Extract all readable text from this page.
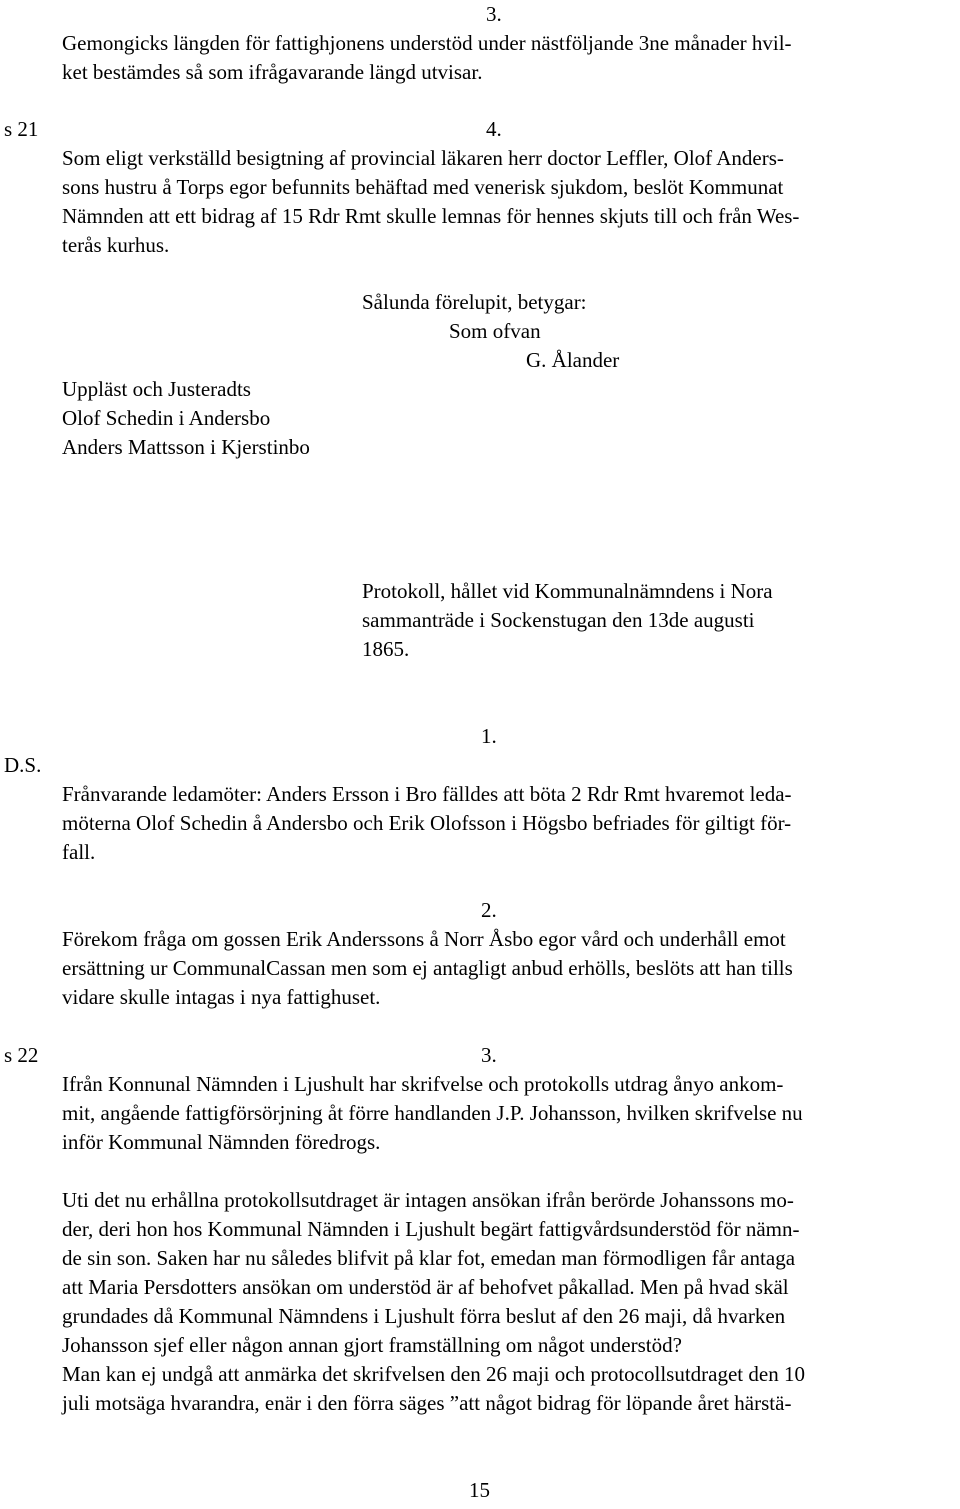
3.
Gemongicks längden för fattighjonens understöd under nästföljande 3ne månader hvil-
ket bestämdes så som ifrågavarande längd utvisar.
s 21	4.
Som eligt verkställd besigtning af provincial läkaren herr doctor Leffler, Olof Anders-
sons hustru å Torps egor befunnits behäftad med venerisk sjukdom, beslöt Kommunat
Nämnden att ett bidrag af 15 Rdr Rmt skulle lemnas för hennes skjuts till och från Wes-
terås kurhus.
Sålunda förelupit, betygar:
Som ofvan
G. Ålander
Uppläst och Justeradts
Olof Schedin i Andersbo
Anders Mattsson i Kjerstinbo
Protokoll, hållet vid Kommunalnämndens i Nora
sammanträde i Sockenstugan den 13de augusti
1865.
1.
D.S.
Frånvarande ledamöter: Anders Ersson i Bro fälldes att böta 2 Rdr Rmt hvaremot leda-
möterna Olof Schedin å Andersbo och Erik Olofsson i Högsbo befriades för giltigt för-
fall.
2.
Förekom fråga om gossen Erik Anderssons å Norr Åsbo egor vård och underhåll emot
ersättning ur CommunalCassan men som ej antagligt anbud erhölls, beslöts att han tills
vidare skulle intagas i nya fattighuset.
s 22	3.
Ifrån Konnunal Nämnden i Ljushult har skrifvelse och protokolls utdrag ånyo ankom-
mit, angående fattigförsörjning åt förre handlanden J.P. Johansson, hvilken skrifvelse nu
inför Kommunal Nämnden föredrogs.
Uti det nu erhållna protokollsutdraget är intagen ansökan ifrån berörde Johanssons mo-
der, deri hon hos Kommunal Nämnden i Ljushult begärt fattigvårdsunderstöd för nämn-
de sin son. Saken har nu således blifvit på klar fot, emedan man förmodligen får antaga
att Maria Persdotters ansökan om understöd är af behofvet påkallad. Men på hvad skäl
grundades då Kommunal Nämndens i Ljushult förra beslut af den 26 maji, då hvarken
Johansson sjef eller någon annan gjort framställning om något understöd?
Man kan ej undgå att anmärka det skrifvelsen den 26 maji och protocollsutdraget den 10
juli motsäga hvarandra, enär i den förra säges ”att något bidrag för löpande året härstä-
15
